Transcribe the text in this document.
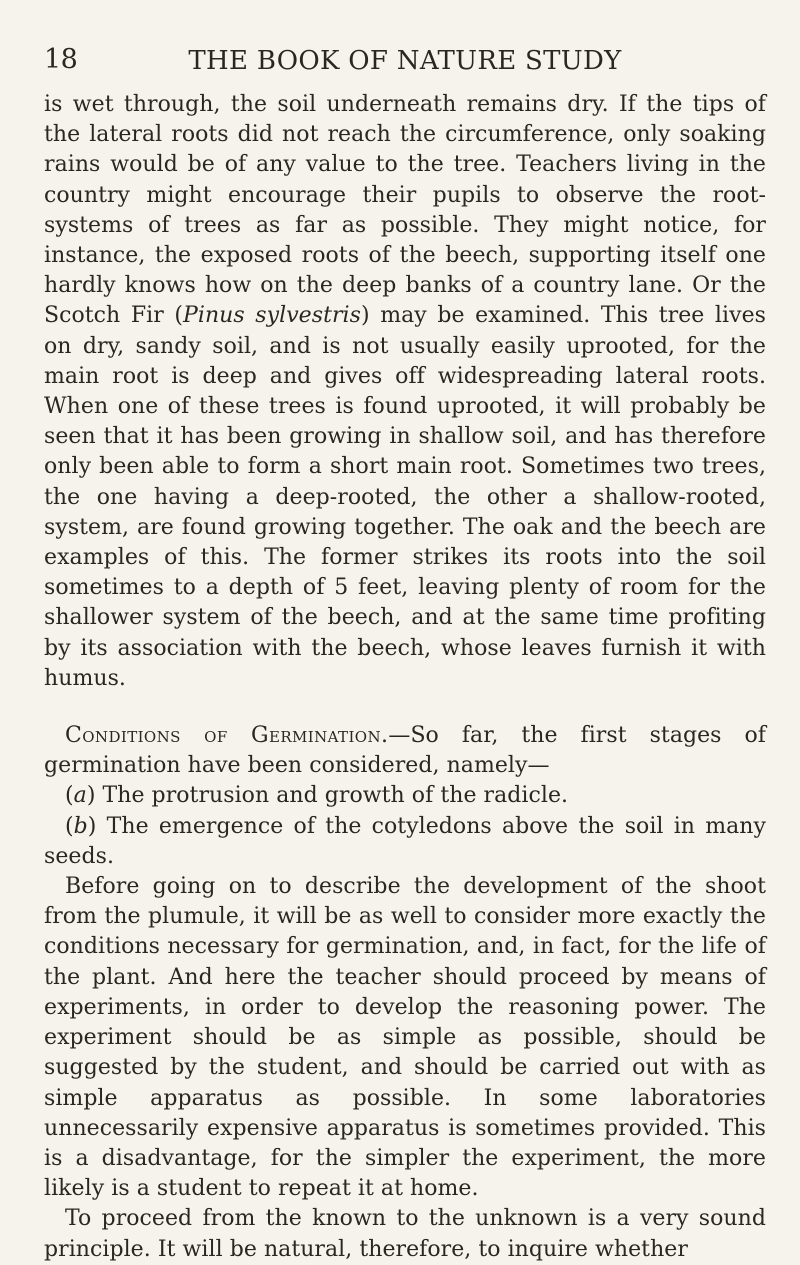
18	THE BOOK OF NATURE STUDY

is wet through, the soil underneath remains dry. If the tips of the lateral roots did not reach the circumference, only soaking rains would be of any value to the tree. Teachers living in the country might encourage their pupils to observe the root-systems of trees as far as possible. They might notice, for instance, the exposed roots of the beech, supporting itself one hardly knows how on the deep banks of a country lane. Or the Scotch Fir (Pinus sylvestris) may be examined. This tree lives on dry, sandy soil, and is not usually easily uprooted, for the main root is deep and gives off widespreading lateral roots. When one of these trees is found uprooted, it will probably be seen that it has been growing in shallow soil, and has therefore only been able to form a short main root. Sometimes two trees, the one having a deep-rooted, the other a shallow-rooted, system, are found growing together. The oak and the beech are examples of this. The former strikes its roots into the soil sometimes to a depth of 5 feet, leaving plenty of room for the shallower system of the beech, and at the same time profiting by its association with the beech, whose leaves furnish it with humus.

Conditions of Germination.—So far, the first stages of germination have been considered, namely—

(a) The protrusion and growth of the radicle.

(b) The emergence of the cotyledons above the soil in many seeds.

Before going on to describe the development of the shoot from the plumule, it will be as well to consider more exactly the conditions necessary for germination, and, in fact, for the life of the plant. And here the teacher should proceed by means of experiments, in order to develop the reasoning power. The experiment should be as simple as possible, should be suggested by the student, and should be carried out with as simple apparatus as possible. In some laboratories unnecessarily expensive apparatus is sometimes provided. This is a disadvantage, for the simpler the experiment, the more likely is a student to repeat it at home.

To proceed from the known to the unknown is a very sound principle. It will be natural, therefore, to inquire whether
